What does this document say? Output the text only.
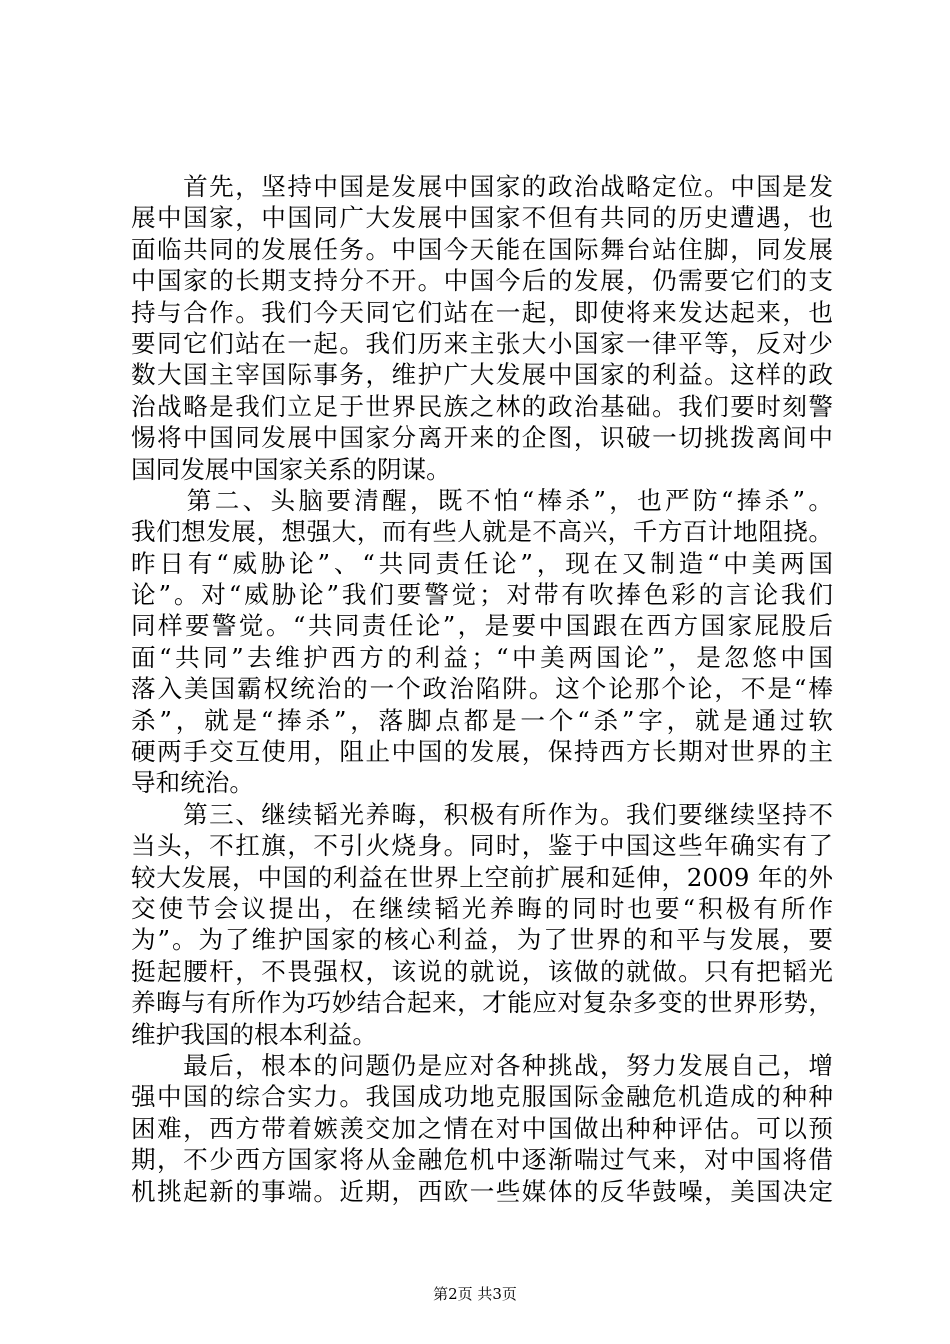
　　首先，坚持中国是发展中国家的政治战略定位。中国是发
展中国家，中国同广大发展中国家不但有共同的历史遭遇，也
面临共同的发展任务。中国今天能在国际舞台站住脚，同发展
中国家的长期支持分不开。中国今后的发展，仍需要它们的支
持与合作。我们今天同它们站在一起，即使将来发达起来，也
要同它们站在一起。我们历来主张大小国家一律平等，反对少
数大国主宰国际事务，维护广大发展中国家的利益。这样的政
治战略是我们立足于世界民族之林的政治基础。我们要时刻警
惕将中国同发展中国家分离开来的企图，识破一切挑拨离间中
国同发展中国家关系的阴谋。
　　第二、头脑要清醒，既不怕“棒杀”，也严防“捧杀”。
我们想发展，想强大，而有些人就是不高兴，千方百计地阻挠。
昨日有“威胁论”、“共同责任论”，现在又制造“中美两国
论”。对“威胁论”我们要警觉；对带有吹捧色彩的言论我们
同样要警觉。“共同责任论”，是要中国跟在西方国家屁股后
面“共同”去维护西方的利益；“中美两国论”，是忽悠中国
落入美国霸权统治的一个政治陷阱。这个论那个论，不是“棒
杀”，就是“捧杀”，落脚点都是一个“杀”字，就是通过软
硬两手交互使用，阻止中国的发展，保持西方长期对世界的主
导和统治。
　　第三、继续韬光养晦，积极有所作为。我们要继续坚持不
当头，不扛旗，不引火烧身。同时，鉴于中国这些年确实有了
较大发展，中国的利益在世界上空前扩展和延伸，2009 年的外
交使节会议提出，在继续韬光养晦的同时也要“积极有所作
为”。为了维护国家的核心利益，为了世界的和平与发展，要
挺起腰杆，不畏强权，该说的就说，该做的就做。只有把韬光
养晦与有所作为巧妙结合起来，才能应对复杂多变的世界形势，
维护我国的根本利益。
　　最后，根本的问题仍是应对各种挑战，努力发展自己，增
强中国的综合实力。我国成功地克服国际金融危机造成的种种
困难，西方带着嫉羡交加之情在对中国做出种种评估。可以预
期，不少西方国家将从金融危机中逐渐喘过气来，对中国将借
机挑起新的事端。近期，西欧一些媒体的反华鼓噪，美国决定
第2页 共3页
